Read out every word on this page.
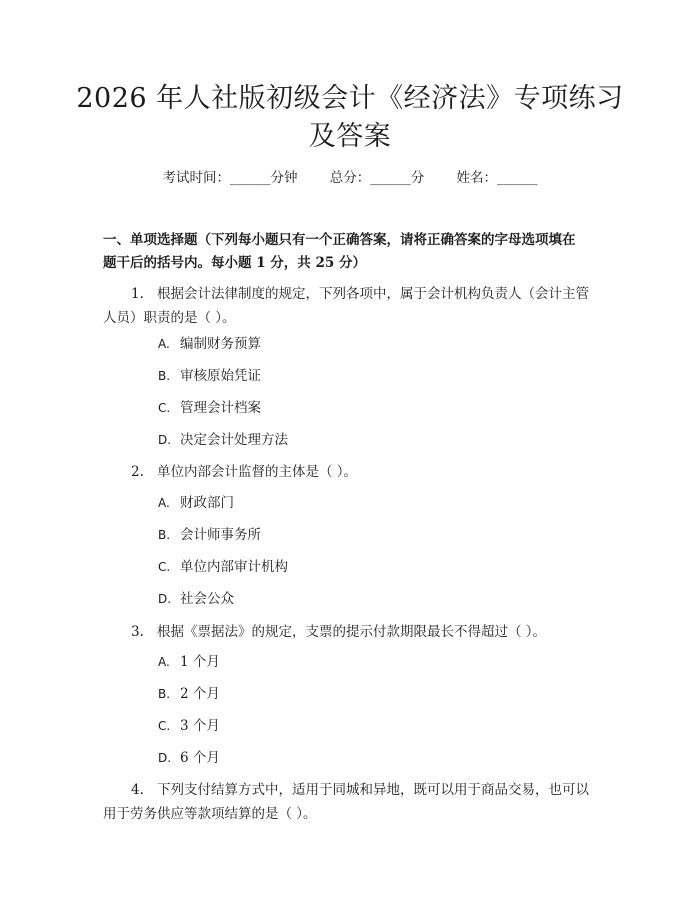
2026 年人社版初级会计《经济法》专项练习
及答案
考试时间：______分钟 总分：______分 姓名：______
一、单项选择题（下列每小题只有一个正确答案，请将正确答案的字母选项填在
题干后的括号内。每小题 1 分，共 25 分）
1. 根据会计法律制度的规定，下列各项中，属于会计机构负责人（会计主管
人员）职责的是（ ）。
A. 编制财务预算
B. 审核原始凭证
C. 管理会计档案
D. 决定会计处理方法
2. 单位内部会计监督的主体是（ ）。
A. 财政部门
B. 会计师事务所
C. 单位内部审计机构
D. 社会公众
3. 根据《票据法》的规定，支票的提示付款期限最长不得超过（ ）。
A. 1 个月
B. 2 个月
C. 3 个月
D. 6 个月
4. 下列支付结算方式中，适用于同城和异地，既可以用于商品交易，也可以
用于劳务供应等款项结算的是（ ）。
